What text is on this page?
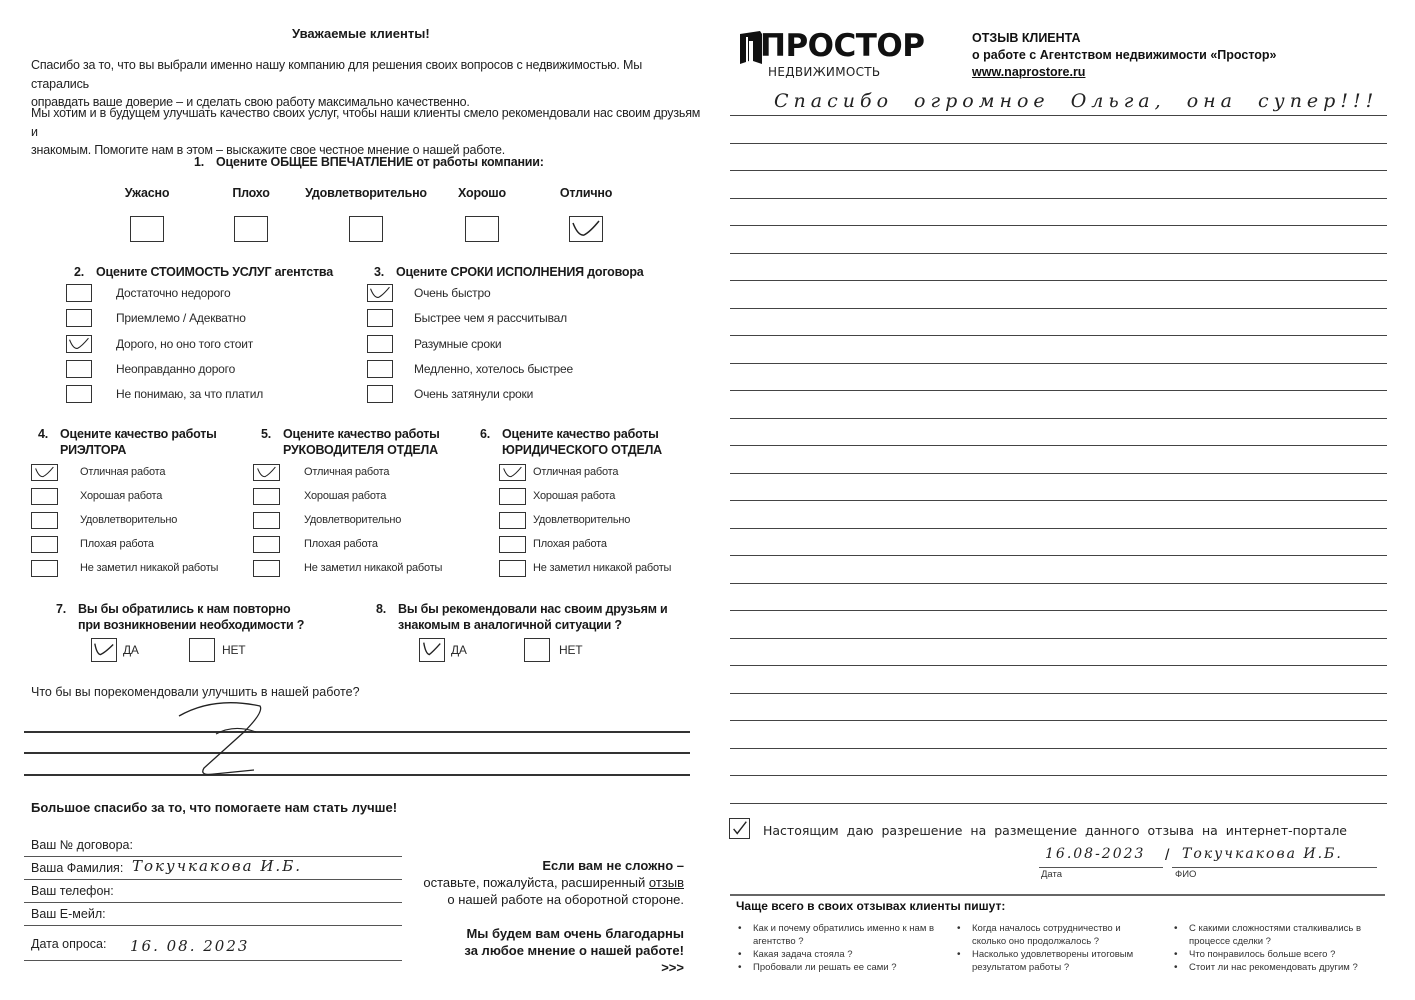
Уважаемые клиенты!
Спасибо за то, что вы выбрали именно нашу компанию для решения своих вопросов с недвижимостью. Мы старались
оправдать ваше доверие – и сделать свою работу максимально качественно.
Мы хотим и в будущем улучшать качество своих услуг, чтобы наши клиенты смело рекомендовали нас своим друзьям и
знакомым. Помогите нам в этом – выскажите свое честное мнение о нашей работе.
1. Оцените ОБЩЕЕ ВПЕЧАТЛЕНИЕ от работы компании:
2. Оцените СТОИМОСТЬ УСЛУГ агентства	3. Оцените СРОКИ ИСПОЛНЕНИЯ договора
4. Оцените качество работы
РИЭЛТОРА
5. Оцените качество работы
РУКОВОДИТЕЛЯ ОТДЕЛА
6. Оцените качество работы
ЮРИДИЧЕСКОГО ОТДЕЛА
7. Вы бы обратились к нам повторно
при возникновении необходимости ?
ДА	НЕТ
8. Вы бы рекомендовали нас своим друзьям и
знакомым в аналогичной ситуации ?
ДА	НЕТ
Что бы вы порекомендовали улучшить в нашей работе?
Большое спасибо за то, что помогаете нам стать лучше!
Ваш № договора:
Ваша Фамилия: Токучкакова И.Б.
Ваш телефон:
Ваш Е-мейл:
Дата опроса: 16. 08. 2023
Если вам не сложно –
оставьте, пожалуйста, расширенный отзыв
о нашей работе на оборотной стороне.
Мы будем вам очень благодарны
за любое мнение о нашей работе!
>>>
Ужасно	Плохо	Удовлетворительно Хорошо	Отлично
Достаточно недорого
Приемлемо / Адекватно
Дорого, но оно того стоит
Неоправданно дорого
Не понимаю, за что платил
Очень быстро
Быстрее чем я рассчитывал
Разумные сроки
Медленно, хотелось быстрее
Очень затянули сроки
Отличная работа
Хорошая работа
Удовлетворительно
Плохая работа
Не заметил никакой работы
Отличная работа
Хорошая работа
Удовлетворительно
Плохая работа
Не заметил никакой работы
Отличная работа
Хорошая работа
Удовлетворительно
Плохая работа
Не заметил никакой работы
ПРОСТОР
НЕДВИЖИМОСТЬ
ОТЗЫВ КЛИЕНТА
о работе с Агентством недвижимости «Простор»
www.naprostore.ru
Спасибо огромное Ольга, она супер!!!
Настоящим даю разрешение на размещение данного отзыва на интернет-портале
16.08-2023
Дата
/ Токучкакова И.Б.
ФИО
Чаще всего в своих отзывах клиенты пишут:
• Как и почему обратились именно к нам в агентство ?
• Какая задача стояла ?
• Пробовали ли решать ее сами ?
• Когда началось сотрудничество и сколько оно продолжалось ?
• Насколько удовлетворены итоговым результатом работы ?
• С какими сложностями сталкивались в процессе сделки ?
• Что понравилось больше всего ?
• Стоит ли нас рекомендовать другим ?
